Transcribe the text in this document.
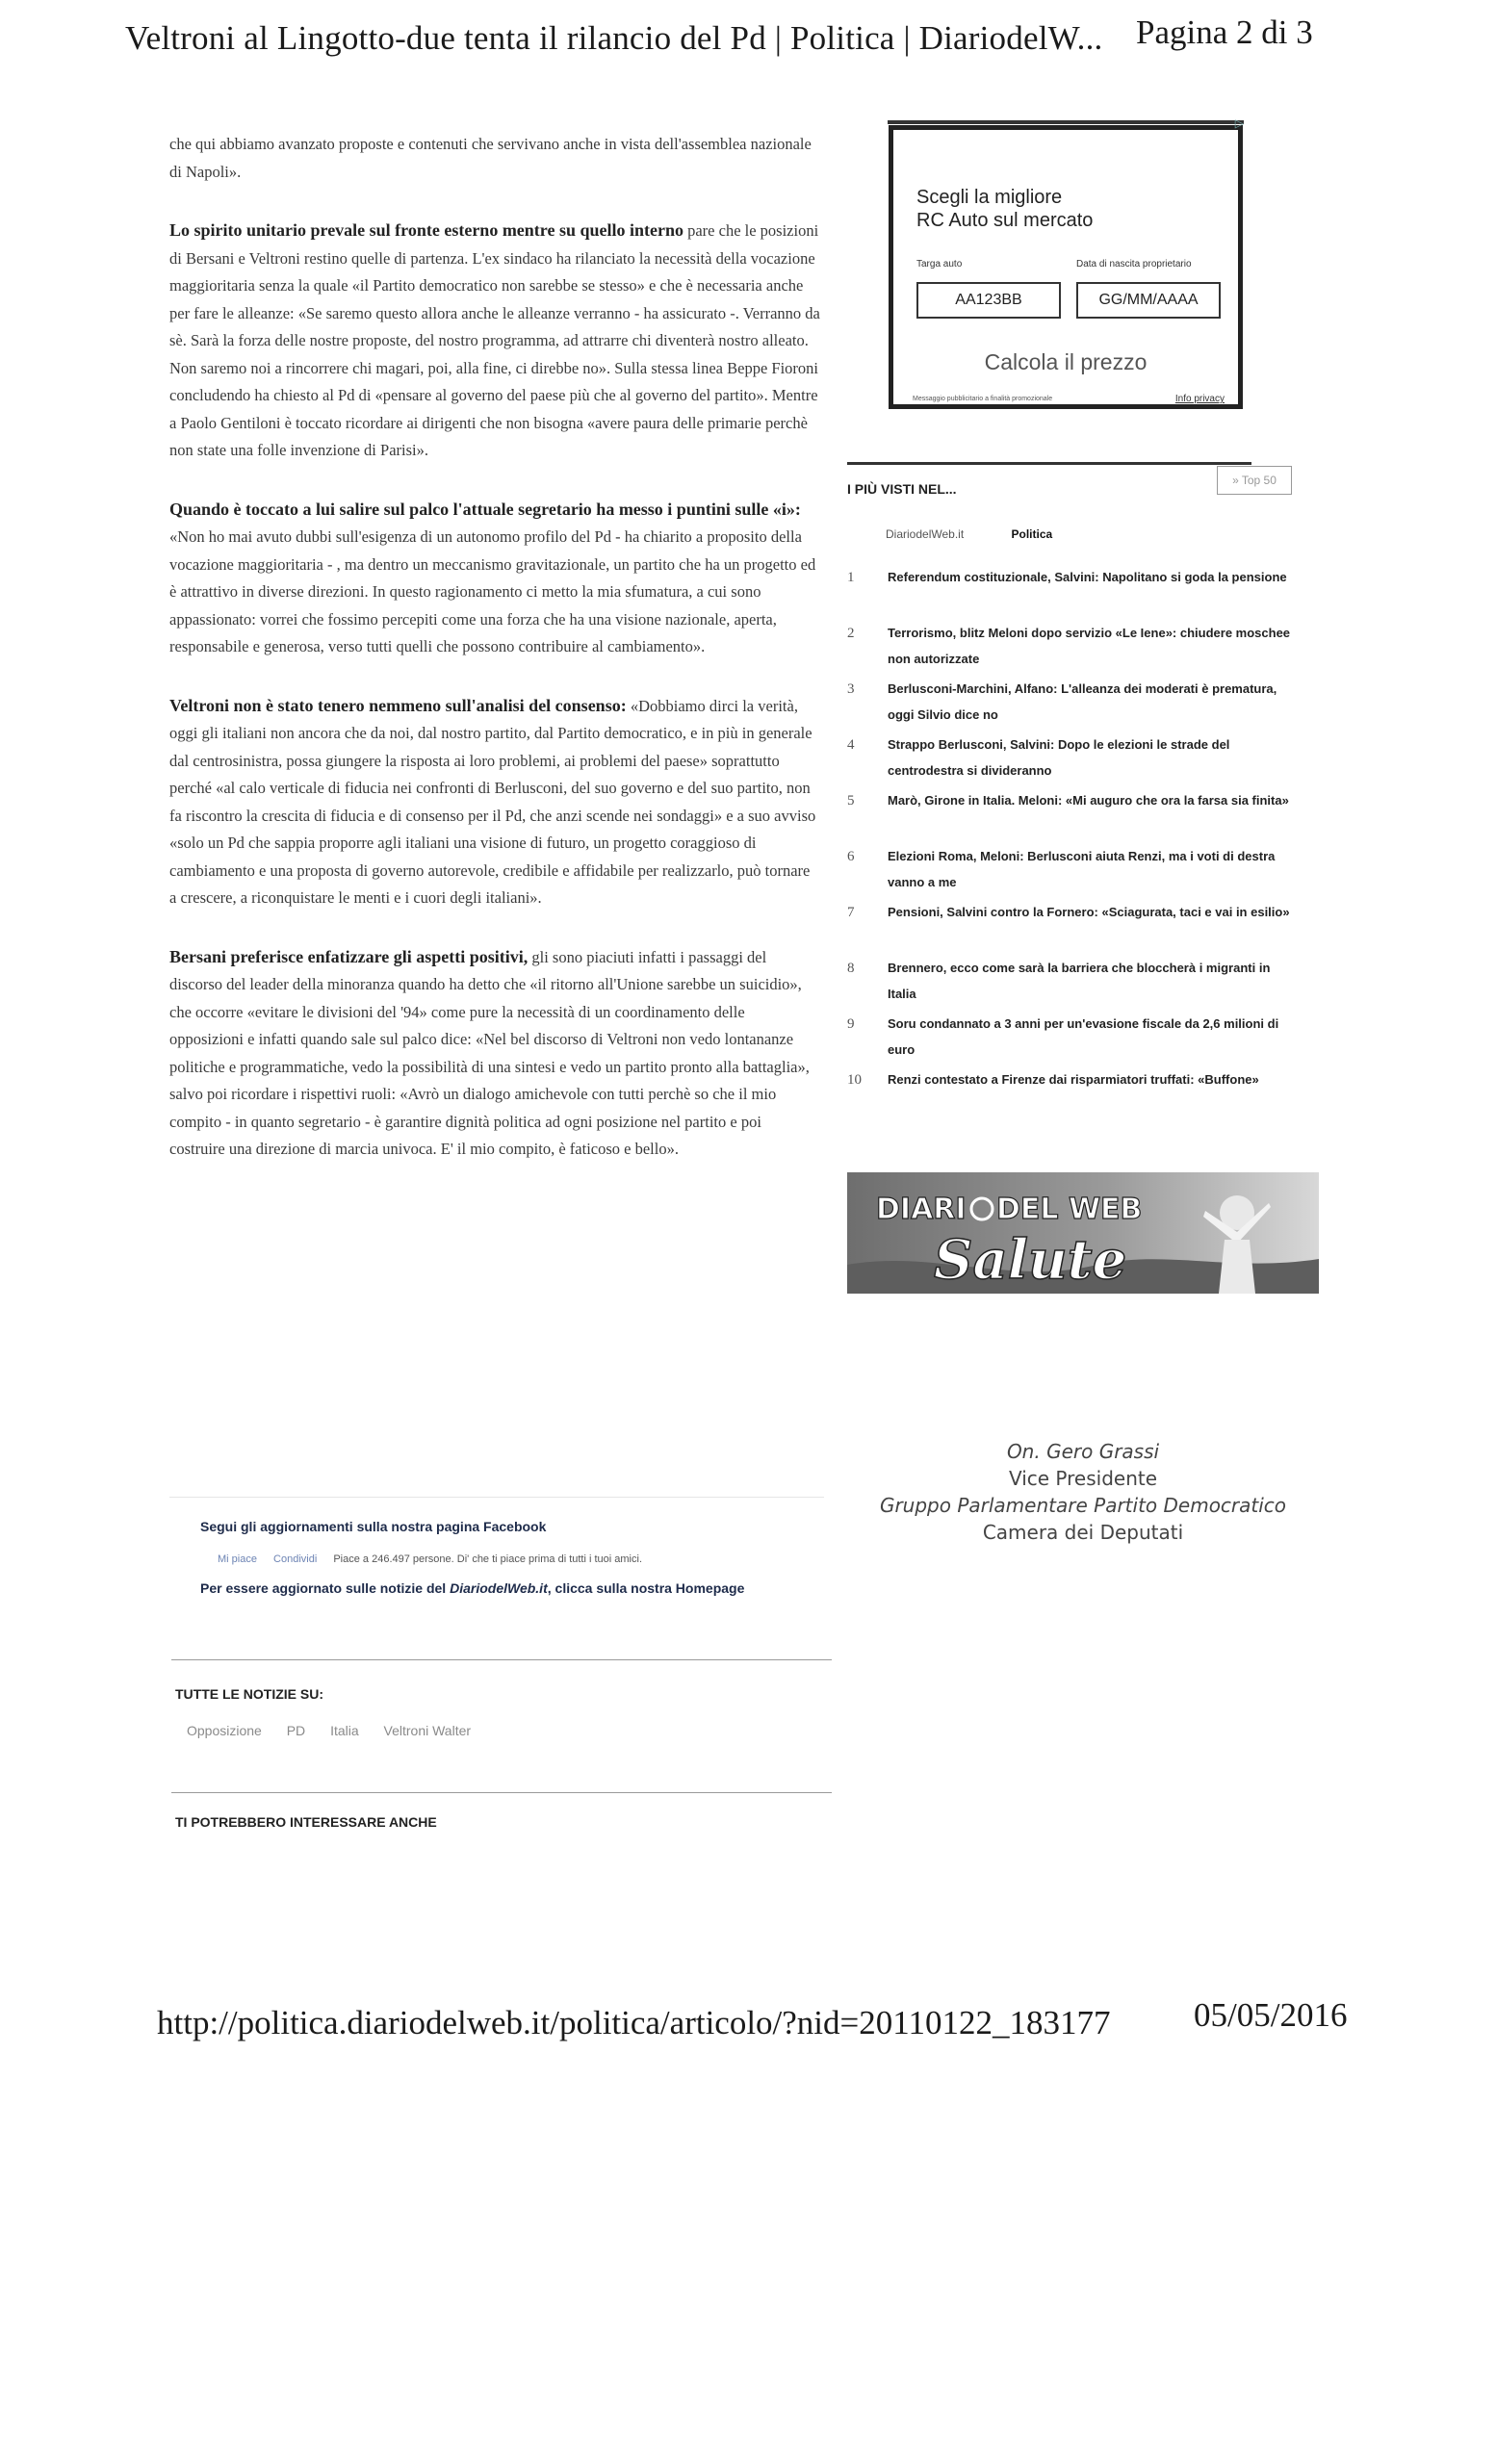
Veltroni al Lingotto-due tenta il rilancio del Pd | Politica | DiariodelW... Pagina 2 di 3

che qui abbiamo avanzato proposte e contenuti che servivano anche in vista dell'assemblea nazionale di Napoli».

Lo spirito unitario prevale sul fronte esterno mentre su quello interno pare che le posizioni di Bersani e Veltroni restino quelle di partenza. L'ex sindaco ha rilanciato la necessità della vocazione maggioritaria senza la quale «il Partito democratico non sarebbe se stesso» e che è necessaria anche per fare le alleanze: «Se saremo questo allora anche le alleanze verranno - ha assicurato -. Verranno da sè. Sarà la forza delle nostre proposte, del nostro programma, ad attrarre chi diventerà nostro alleato. Non saremo noi a rincorrere chi magari, poi, alla fine, ci direbbe no». Sulla stessa linea Beppe Fioroni concludendo ha chiesto al Pd di «pensare al governo del paese più che al governo del partito». Mentre a Paolo Gentiloni è toccato ricordare ai dirigenti che non bisogna «avere paura delle primarie perchè non state una folle invenzione di Parisi».

Quando è toccato a lui salire sul palco l'attuale segretario ha messo i puntini sulle «i»: «Non ho mai avuto dubbi sull'esigenza di un autonomo profilo del Pd - ha chiarito a proposito della vocazione maggioritaria - , ma dentro un meccanismo gravitazionale, un partito che ha un progetto ed è attrattivo in diverse direzioni. In questo ragionamento ci metto la mia sfumatura, a cui sono appassionato: vorrei che fossimo percepiti come una forza che ha una visione nazionale, aperta, responsabile e generosa, verso tutti quelli che possono contribuire al cambiamento».

Veltroni non è stato tenero nemmeno sull'analisi del consenso: «Dobbiamo dirci la verità, oggi gli italiani non ancora che da noi, dal nostro partito, dal Partito democratico, e in più in generale dal centrosinistra, possa giungere la risposta ai loro problemi, ai problemi del paese» soprattutto perché «al calo verticale di fiducia nei confronti di Berlusconi, del suo governo e del suo partito, non fa riscontro la crescita di fiducia e di consenso per il Pd, che anzi scende nei sondaggi» e a suo avviso «solo un Pd che sappia proporre agli italiani una visione di futuro, un progetto coraggioso di cambiamento e una proposta di governo autorevole, credibile e affidabile per realizzarlo, può tornare a crescere, a riconquistare le menti e i cuori degli italiani».

Bersani preferisce enfatizzare gli aspetti positivi, gli sono piaciuti infatti i passaggi del discorso del leader della minoranza quando ha detto che «il ritorno all'Unione sarebbe un suicidio», che occorre «evitare le divisioni del '94» come pure la necessità di un coordinamento delle opposizioni e infatti quando sale sul palco dice: «Nel bel discorso di Veltroni non vedo lontananze politiche e programmatiche, vedo la possibilità di una sintesi e vedo un partito pronto alla battaglia», salvo poi ricordare i rispettivi ruoli: «Avrò un dialogo amichevole con tutti perchè so che il mio compito - in quanto segretario - è garantire dignità politica ad ogni posizione nel partito e poi costruire una direzione di marcia univoca. E' il mio compito, è faticoso e bello».

Segui gli aggiornamenti sulla nostra pagina Facebook
Mi piace Condividi Piace a 246.497 persone. Di' che ti piace prima di tutti i tuoi amici.
Per essere aggiornato sulle notizie del DiariodelWeb.it, clicca sulla nostra Homepage
TUTTE LE NOTIZIE SU:
Opposizione PD Italia Veltroni Walter
TI POTREBBERO INTERESSARE ANCHE
▷
Scegli la migliore
RC Auto sul mercato
Targa auto	Data di nascita proprietario
AA123BB	GG/MM/AAAA
Calcola il prezzo
Messaggio pubblicitario a finalità promozionale	Info privacy
I PIÙ VISTI NEL...
» Top 50
DiariodelWeb.it	Politica
1	Referendum costituzionale, Salvini: Napolitano si goda la pensione
2	Terrorismo, blitz Meloni dopo servizio «Le Iene»: chiudere moschee non autorizzate
3	Berlusconi-Marchini, Alfano: L'alleanza dei moderati è prematura, oggi Silvio dice no
4	Strappo Berlusconi, Salvini: Dopo le elezioni le strade del centrodestra si divideranno
5	Marò, Girone in Italia. Meloni: «Mi auguro che ora la farsa sia finita»
6	Elezioni Roma, Meloni: Berlusconi aiuta Renzi, ma i voti di destra vanno a me
7	Pensioni, Salvini contro la Fornero: «Sciagurata, taci e vai in esilio»
8	Brennero, ecco come sarà la barriera che bloccherà i migranti in Italia
9	Soru condannato a 3 anni per un'evasione fiscale da 2,6 milioni di euro
10	Renzi contestato a Firenze dai risparmiatori truffati: «Buffone»
DIARI DEL WEB
Salute
On. Gero Grassi
Vice Presidente
Gruppo Parlamentare Partito Democratico
Camera dei Deputati
http://politica.diariodelweb.it/politica/articolo/?nid=20110122_183177 05/05/2016
